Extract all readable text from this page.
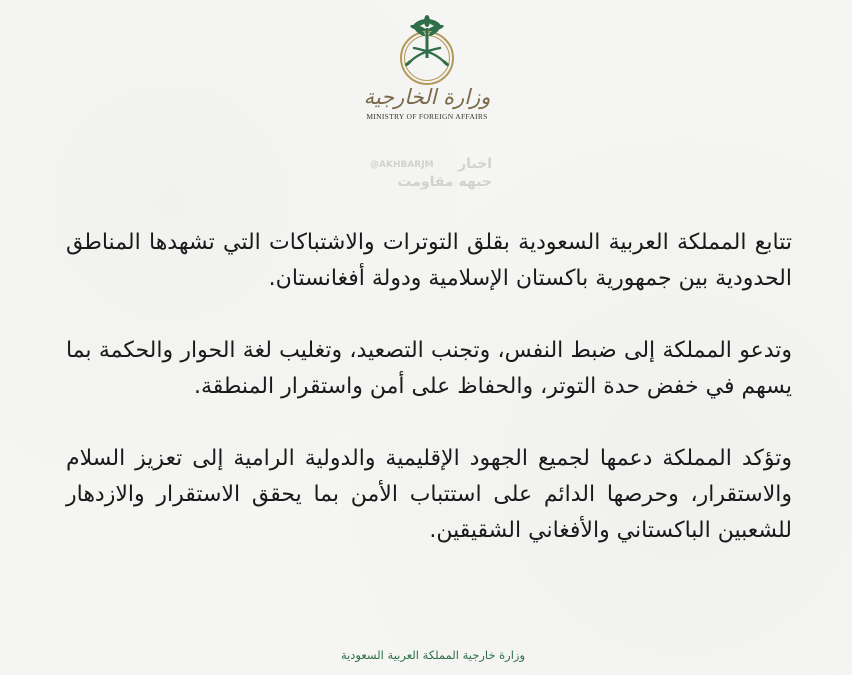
وزارة الخارجية
MINISTRY OF FOREIGN AFFAIRS
@AKHBARJM اخبار
جبهه مقاومت

تتابع المملكة العربية السعودية بقلق التوترات والاشتباكات التي تشهدها المناطق الحدودية بين جمهورية باكستان الإسلامية ودولة أفغانستان.

وتدعو المملكة إلى ضبط النفس، وتجنب التصعيد، وتغليب لغة الحوار والحكمة بما يسهم في خفض حدة التوتر، والحفاظ على أمن واستقرار المنطقة.

وتؤكد المملكة دعمها لجميع الجهود الإقليمية والدولية الرامية إلى تعزيز السلام والاستقرار، وحرصها الدائم على استتباب الأمن بما يحقق الاستقرار والازدهار للشعبين الباكستاني والأفغاني الشقيقين.

وزارة خارجية المملكة العربية السعودية
